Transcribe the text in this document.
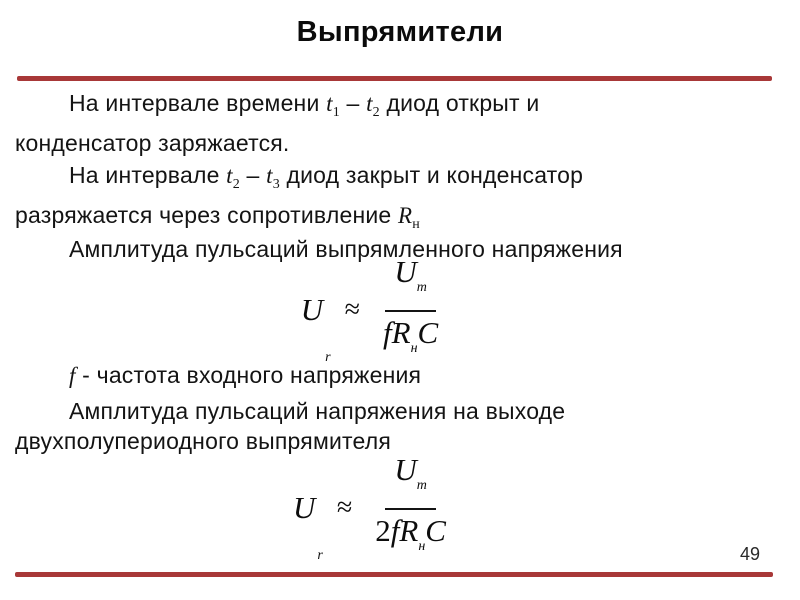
Выпрямители
На интервале времени $t_1 - t_2$ диод открыт и
конденсатор заряжается.
На интервале $t_2 - t_3$ диод закрыт и конденсатор
разряжается через сопротивление $R_н$
Амплитуда пульсаций выпрямленного напряжения
U
r
≈ $\frac{U_m}{fR_нC}$
f - частота входного напряжения
Амплитуда пульсаций напряжения на выходе
двухполупериодного выпрямителя
U
r
≈ $\frac{U_m}{2fR_нC}$	49
